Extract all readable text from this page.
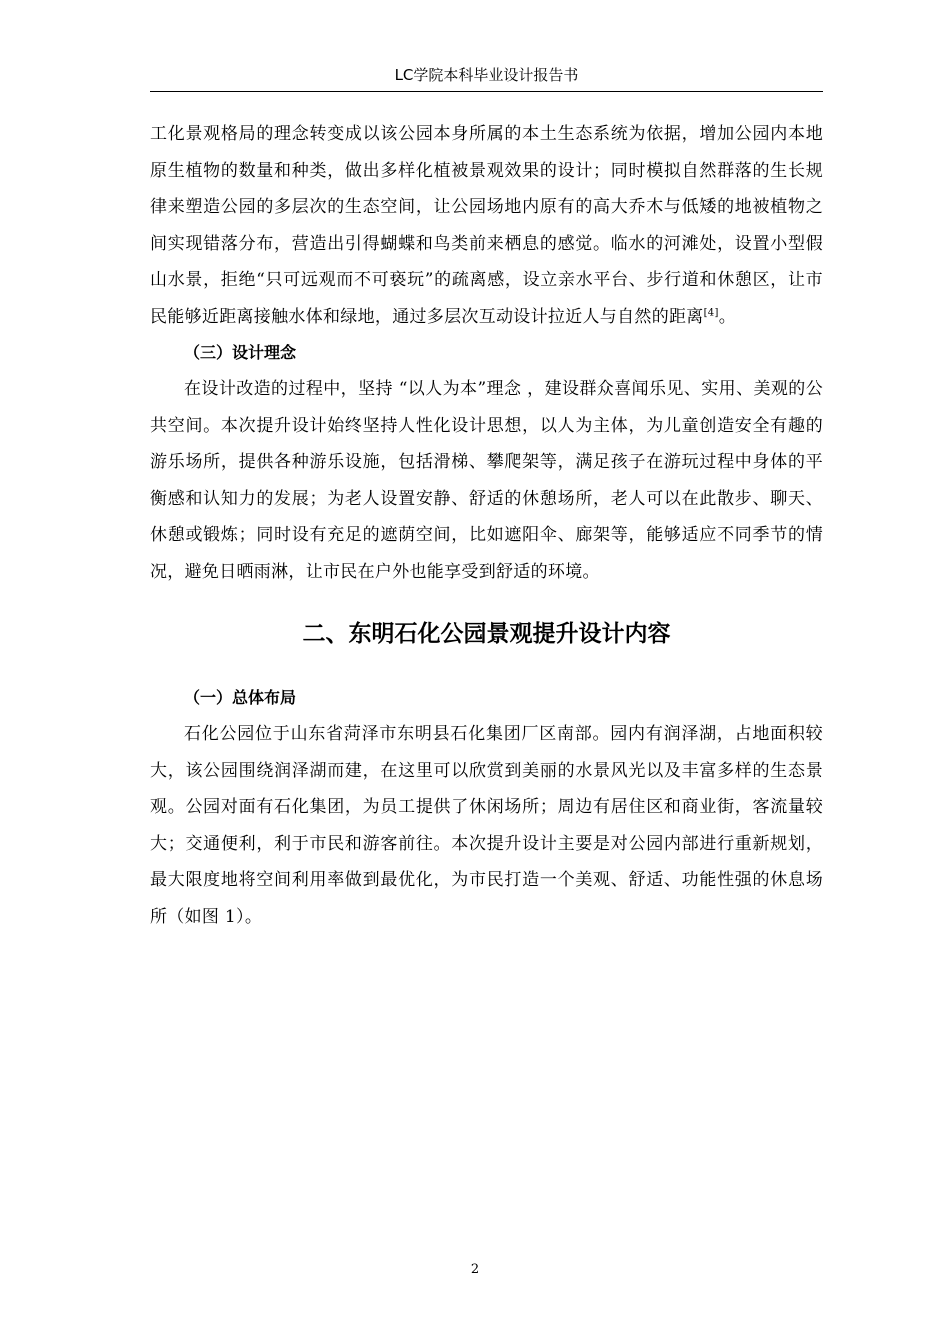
LC学院本科毕业设计报告书

工化景观格局的理念转变成以该公园本身所属的本土生态系统为依据，增加公园内本地原生植物的数量和种类，做出多样化植被景观效果的设计；同时模拟自然群落的生长规律来塑造公园的多层次的生态空间，让公园场地内原有的高大乔木与低矮的地被植物之间实现错落分布，营造出引得蝴蝶和鸟类前来栖息的感觉。临水的河滩处，设置小型假山水景，拒绝“只可远观而不可亵玩”的疏离感，设立亲水平台、步行道和休憩区，让市民能够近距离接触水体和绿地，通过多层次互动设计拉近人与自然的距离[4]。

（三）设计理念

在设计改造的过程中，坚持 “以人为本”理念 ，建设群众喜闻乐见、实用、美观的公共空间。本次提升设计始终坚持人性化设计思想，以人为主体，为儿童创造安全有趣的游乐场所，提供各种游乐设施，包括滑梯、攀爬架等，满足孩子在游玩过程中身体的平衡感和认知力的发展；为老人设置安静、舒适的休憩场所，老人可以在此散步、聊天、休憩或锻炼；同时设有充足的遮荫空间，比如遮阳伞、廊架等，能够适应不同季节的情况，避免日晒雨淋，让市民在户外也能享受到舒适的环境。

二、东明石化公园景观提升设计内容

（一）总体布局

石化公园位于山东省菏泽市东明县石化集团厂区南部。园内有润泽湖，占地面积较大，该公园围绕润泽湖而建，在这里可以欣赏到美丽的水景风光以及丰富多样的生态景观。公园对面有石化集团，为员工提供了休闲场所；周边有居住区和商业街，客流量较大；交通便利，利于市民和游客前往。本次提升设计主要是对公园内部进行重新规划，最大限度地将空间利用率做到最优化，为市民打造一个美观、舒适、功能性强的休息场所（如图 1）。

2
